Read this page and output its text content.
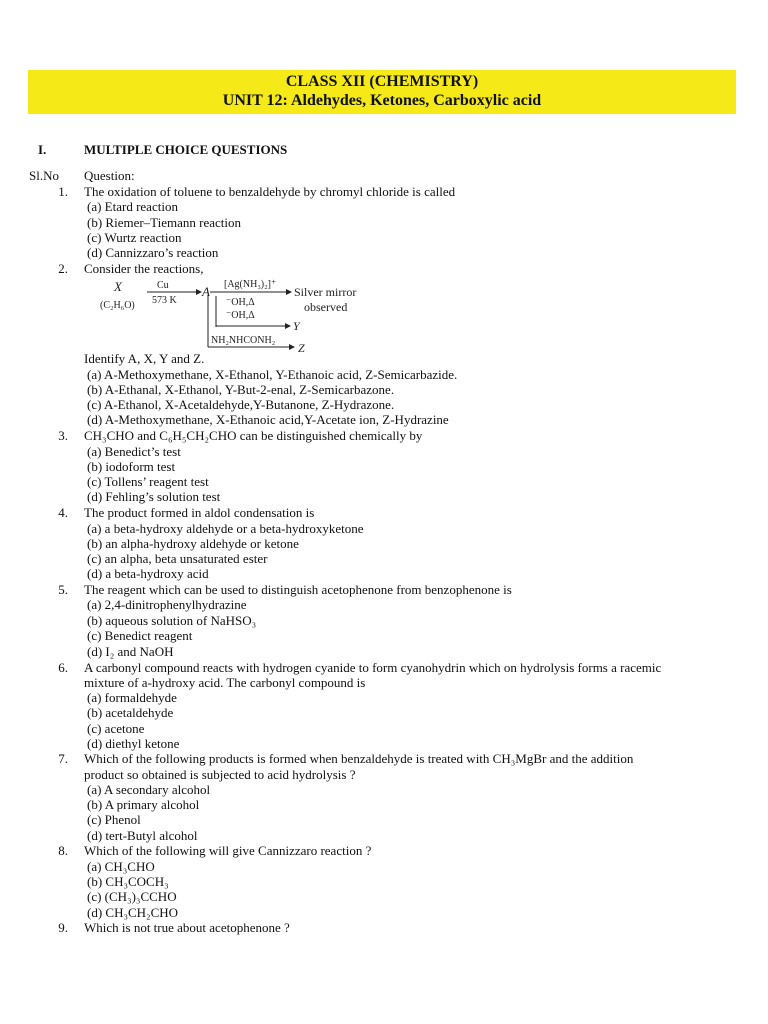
CLASS XII (CHEMISTRY)
UNIT 12: Aldehydes, Ketones, Carboxylic acid
I.	MULTIPLE CHOICE QUESTIONS
Sl.No Question:
1. The oxidation of toluene to benzaldehyde by chromyl chloride is called
(a) Etard reaction
(b) Riemer–Tiemann reaction
(c) Wurtz reaction
(d) Cannizzaro’s reaction
2. Consider the reactions,
Identify A, X, Y and Z.
(a) A-Methoxymethane, X-Ethanol, Y-Ethanoic acid, Z-Semicarbazide.
(b) A-Ethanal, X-Ethanol, Y-But-2-enal, Z-Semicarbazone.
(c) A-Ethanol, X-Acetaldehyde,Y-Butanone, Z-Hydrazone.
(d) A-Methoxymethane, X-Ethanoic acid,Y-Acetate ion, Z-Hydrazine
3. CH₃CHO and C₆H₅CH₂CHO can be distinguished chemically by
(a) Benedict’s test
(b) iodoform test
(c) Tollens’ reagent test
(d) Fehling’s solution test
4. The product formed in aldol condensation is
(a) a beta-hydroxy aldehyde or a beta-hydroxyketone
(b) an alpha-hydroxy aldehyde or ketone
(c) an alpha, beta unsaturated ester
(d) a beta-hydroxy acid
5. The reagent which can be used to distinguish acetophenone from benzophenone is
(a) 2,4-dinitrophenylhydrazine
(b) aqueous solution of NaHSO₃
(c) Benedict reagent
(d) I₂ and NaOH
6. A carbonyl compound reacts with hydrogen cyanide to form cyanohydrin which on hydrolysis forms a racemic
mixture of a-hydroxy acid. The carbonyl compound is
(a) formaldehyde
(b) acetaldehyde
(c) acetone
(d) diethyl ketone
7. Which of the following products is formed when benzaldehyde is treated with CH₃MgBr and the addition
product so obtained is subjected to acid hydrolysis ?
(a) A secondary alcohol
(b) A primary alcohol
(c) Phenol
(d) tert-Butyl alcohol
8. Which of the following will give Cannizzaro reaction ?
(a) CH₃CHO
(b) CH₃COCH₃
(c) (CH₃)₃CCHO
(d) CH₃CH₂CHO
9. Which is not true about acetophenone ?
X
(C₂H₆O)
Cu
573 K
A [Ag(NH₃)₂]⁺
Silver mirror
observed
⁻OH,Δ
⁻OH,Δ
Y
NH₂NHCONH₂
Z
